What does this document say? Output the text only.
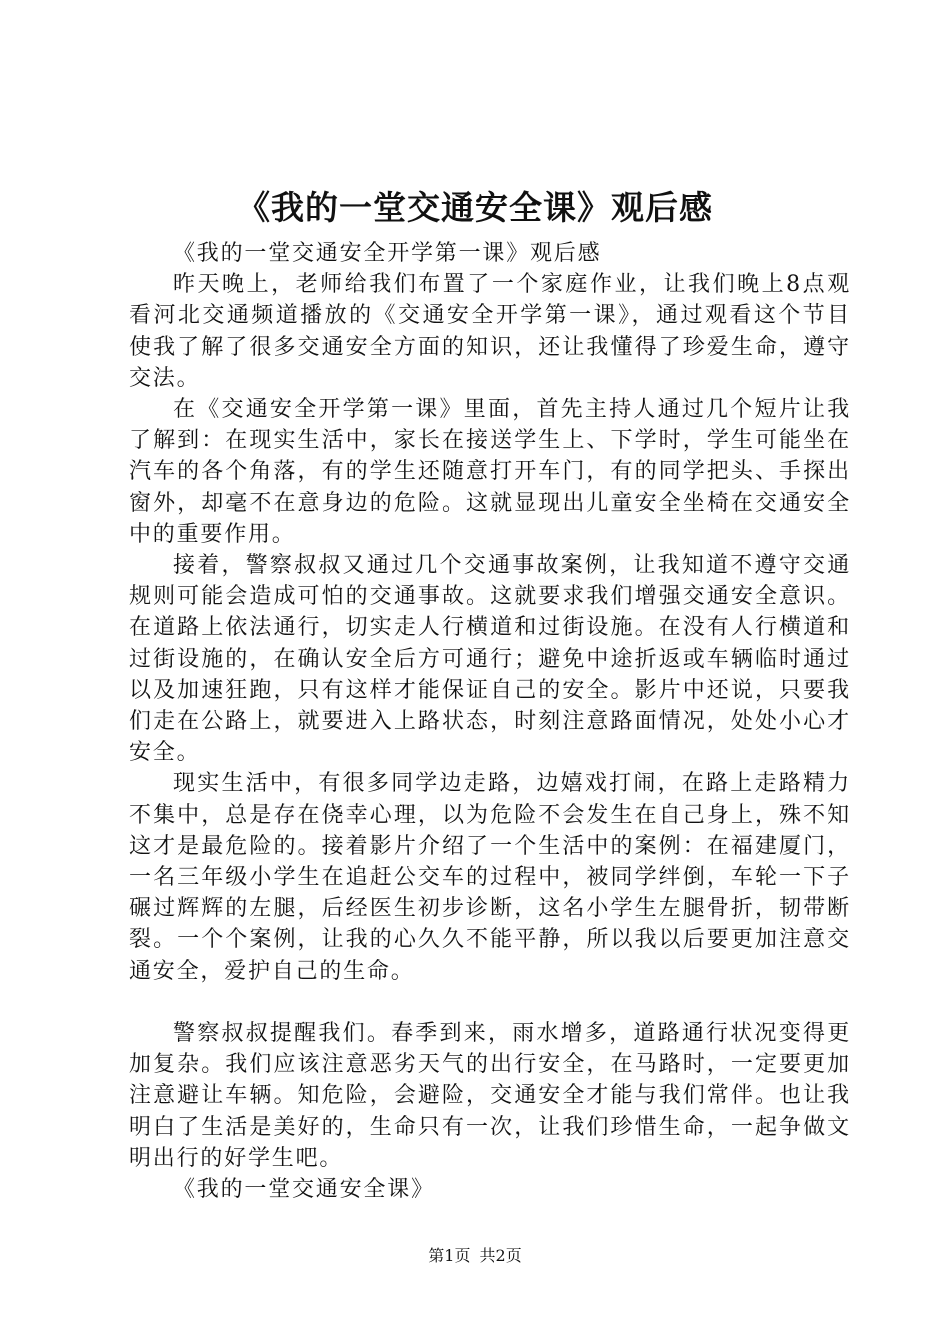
《我的一堂交通安全课》观后感

《我的一堂交通安全开学第一课》观后感

昨天晚上，老师给我们布置了一个家庭作业，让我们晚上8点观看河北交通频道播放的《交通安全开学第一课》，通过观看这个节目使我了解了很多交通安全方面的知识，还让我懂得了珍爱生命，遵守交法。

在《交通安全开学第一课》里面，首先主持人通过几个短片让我了解到：在现实生活中，家长在接送学生上、下学时，学生可能坐在汽车的各个角落，有的学生还随意打开车门，有的同学把头、手探出窗外，却毫不在意身边的危险。这就显现出儿童安全坐椅在交通安全中的重要作用。

接着，警察叔叔又通过几个交通事故案例，让我知道不遵守交通规则可能会造成可怕的交通事故。这就要求我们增强交通安全意识。在道路上依法通行，切实走人行横道和过街设施。在没有人行横道和过街设施的，在确认安全后方可通行；避免中途折返或车辆临时通过以及加速狂跑，只有这样才能保证自己的安全。影片中还说，只要我们走在公路上，就要进入上路状态，时刻注意路面情况，处处小心才安全。

现实生活中，有很多同学边走路，边嬉戏打闹，在路上走路精力不集中，总是存在侥幸心理，以为危险不会发生在自己身上，殊不知这才是最危险的。接着影片介绍了一个生活中的案例：在福建厦门，一名三年级小学生在追赶公交车的过程中，被同学绊倒，车轮一下子碾过辉辉的左腿，后经医生初步诊断，这名小学生左腿骨折，韧带断裂。一个个案例，让我的心久久不能平静，所以我以后要更加注意交通安全，爱护自己的生命。

警察叔叔提醒我们。春季到来，雨水增多，道路通行状况变得更加复杂。我们应该注意恶劣天气的出行安全，在马路时，一定要更加注意避让车辆。知危险，会避险，交通安全才能与我们常伴。也让我明白了生活是美好的，生命只有一次，让我们珍惜生命，一起争做文明出行的好学生吧。

《我的一堂交通安全课》

第1页 共2页
